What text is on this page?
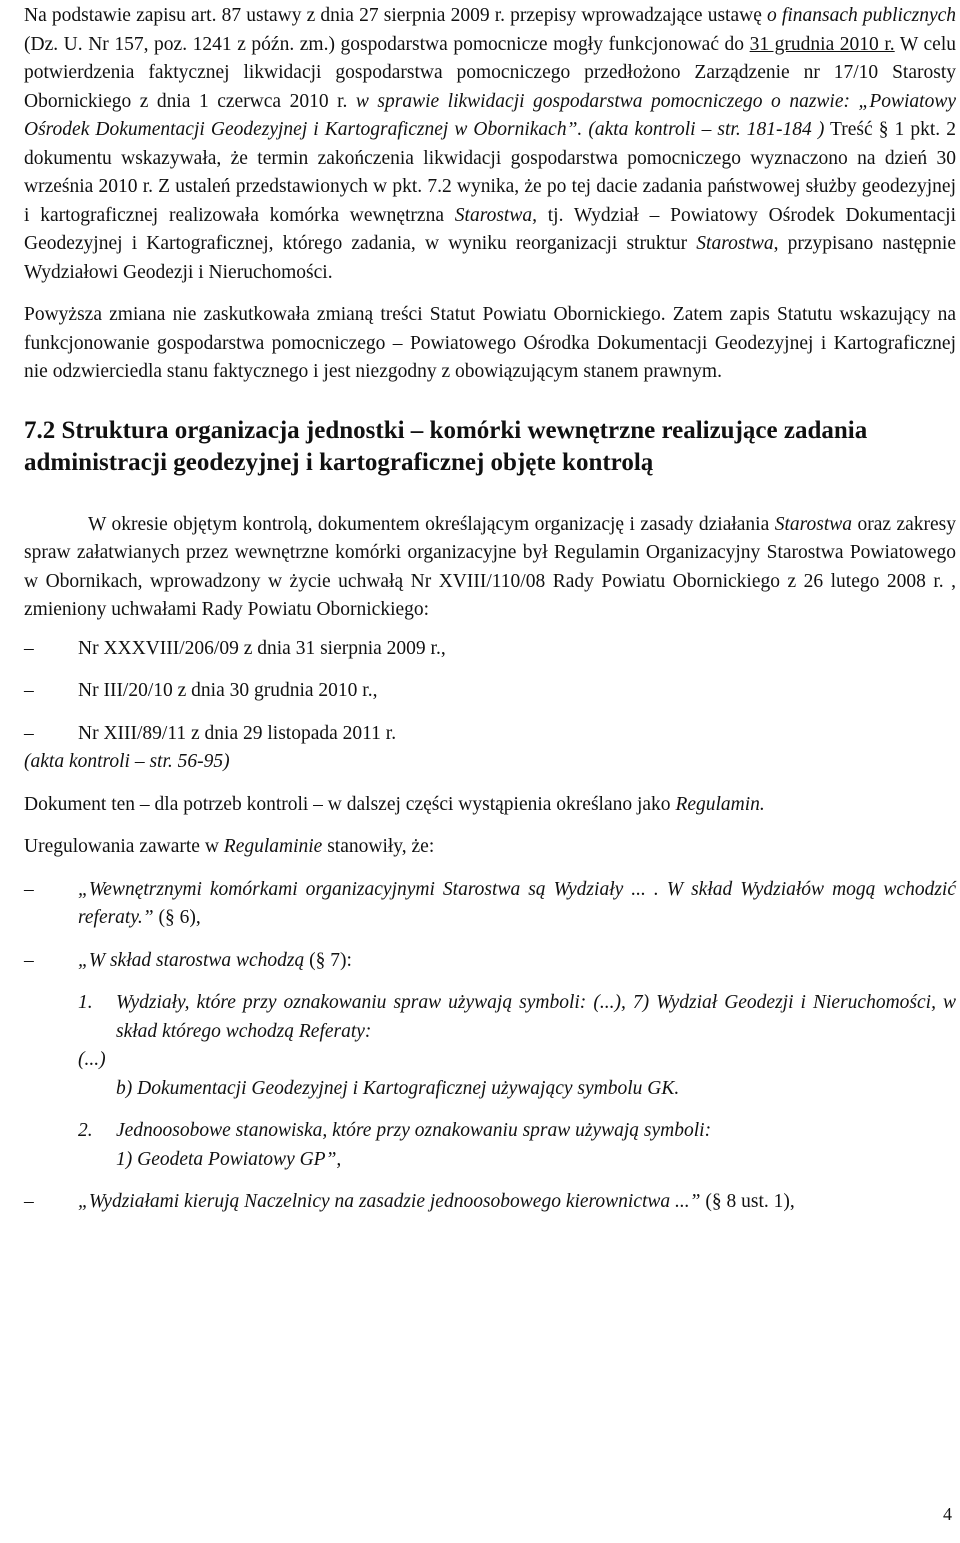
Na podstawie zapisu art. 87 ustawy z dnia 27 sierpnia 2009 r. przepisy wprowadzające ustawę o finansach publicznych (Dz. U. Nr 157, poz. 1241 z późn. zm.) gospodarstwa pomocnicze mogły funkcjonować do 31 grudnia 2010 r. W celu potwierdzenia faktycznej likwidacji gospodarstwa pomocniczego przedłożono Zarządzenie nr 17/10 Starosty Obornickiego z dnia 1 czerwca 2010 r. w sprawie likwidacji gospodarstwa pomocniczego o nazwie: „Powiatowy Ośrodek Dokumentacji Geodezyjnej i Kartograficznej w Obornikach”. (akta kontroli – str. 181-184 ) Treść § 1 pkt. 2 dokumentu wskazywała, że termin zakończenia likwidacji gospodarstwa pomocniczego wyznaczono na dzień 30 września 2010 r. Z ustaleń przedstawionych w pkt. 7.2 wynika, że po tej dacie zadania państwowej służby geodezyjnej i kartograficznej realizowała komórka wewnętrzna Starostwa, tj. Wydział – Powiatowy Ośrodek Dokumentacji Geodezyjnej i Kartograficznej, którego zadania, w wyniku reorganizacji struktur Starostwa, przypisano następnie Wydziałowi Geodezji i Nieruchomości.

Powyższa zmiana nie zaskutkowała zmianą treści Statut Powiatu Obornickiego. Zatem zapis Statutu wskazujący na funkcjonowanie gospodarstwa pomocniczego – Powiatowego Ośrodka Dokumentacji Geodezyjnej i Kartograficznej nie odzwierciedla stanu faktycznego i jest niezgodny z obowiązującym stanem prawnym.

7.2 Struktura organizacja jednostki – komórki wewnętrzne realizujące zadania administracji geodezyjnej i kartograficznej objęte kontrolą

W okresie objętym kontrolą, dokumentem określającym organizację i zasady działania Starostwa oraz zakresy spraw załatwianych przez wewnętrzne komórki organizacyjne był Regulamin Organizacyjny Starostwa Powiatowego w Obornikach, wprowadzony w życie uchwałą Nr XVIII/110/08 Rady Powiatu Obornickiego z 26 lutego 2008 r. , zmieniony uchwałami Rady Powiatu Obornickiego:

–	Nr XXXVIII/206/09 z dnia 31 sierpnia 2009 r.,
–	Nr III/20/10 z dnia 30 grudnia 2010 r.,
–	Nr XIII/89/11 z dnia 29 listopada 2011 r.

(akta kontroli – str. 56-95)

Dokument ten – dla potrzeb kontroli – w dalszej części wystąpienia określano jako Regulamin.

Uregulowania zawarte w Regulaminie stanowiły, że:

–	„Wewnętrznymi komórkami organizacyjnymi Starostwa są Wydziały ... . W skład Wydziałów mogą wchodzić referaty.” (§ 6),
–	„W skład starostwa wchodzą (§ 7):
1. Wydziały, które przy oznakowaniu spraw używają symboli: (...), 7) Wydział Geodezji i Nieruchomości, w skład którego wchodzą Referaty:

(...)

b) Dokumentacji Geodezyjnej i Kartograficznej używający symbolu GK.

2. Jednoosobowe stanowiska, które przy oznakowaniu spraw używają symboli:

1) Geodeta Powiatowy GP”,

–	„Wydziałami kierują Naczelnicy na zasadzie jednoosobowego kierownictwa ...” (§ 8 ust. 1),
4
